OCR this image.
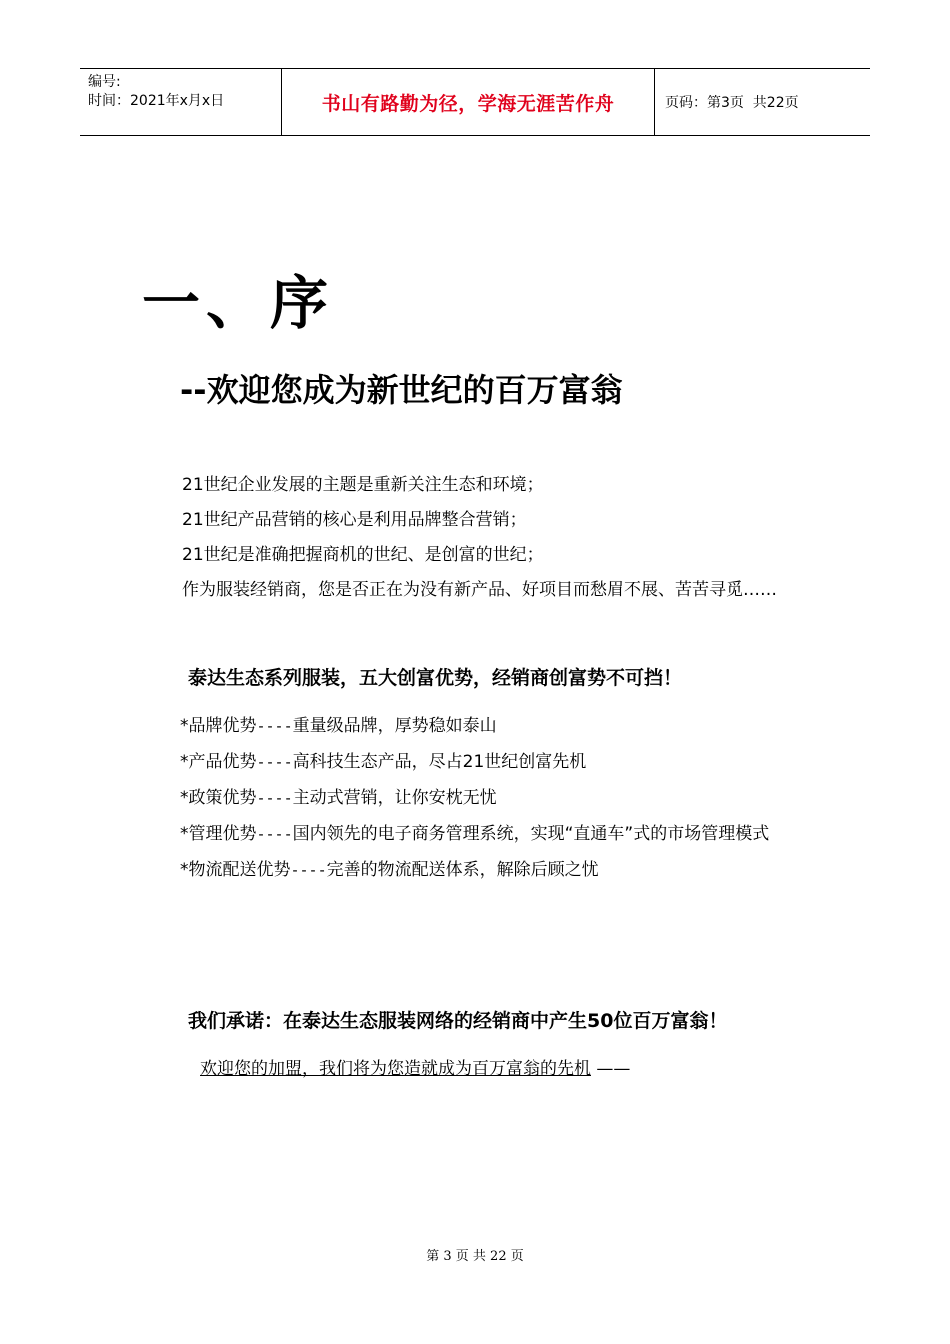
编号:
时间：2021年x月x日	书山有路勤为径，学海无涯苦作舟	页码：第3页  共22页
一、序
--欢迎您成为新世纪的百万富翁
21世纪企业发展的主题是重新关注生态和环境；
21世纪产品营销的核心是利用品牌整合营销；
21世纪是准确把握商机的世纪、是创富的世纪；
作为服装经销商，您是否正在为没有新产品、好项目而愁眉不展、苦苦寻觅……
泰达生态系列服装，五大创富优势，经销商创富势不可挡！
*品牌优势 ---- 重量级品牌，厚势稳如泰山
*产品优势 ---- 高科技生态产品，尽占21世纪创富先机
*政策优势 ---- 主动式营销，让你安枕无忧
*管理优势 ---- 国内领先的电子商务管理系统，实现“直通车”式的市场管理模式
*物流配送优势 ---- 完善的物流配送体系，解除后顾之忧
我们承诺：在泰达生态服装网络的经销商中产生50位百万富翁！
欢迎您的加盟，我们将为您造就成为百万富翁的先机 ——
第 3 页 共 22 页
